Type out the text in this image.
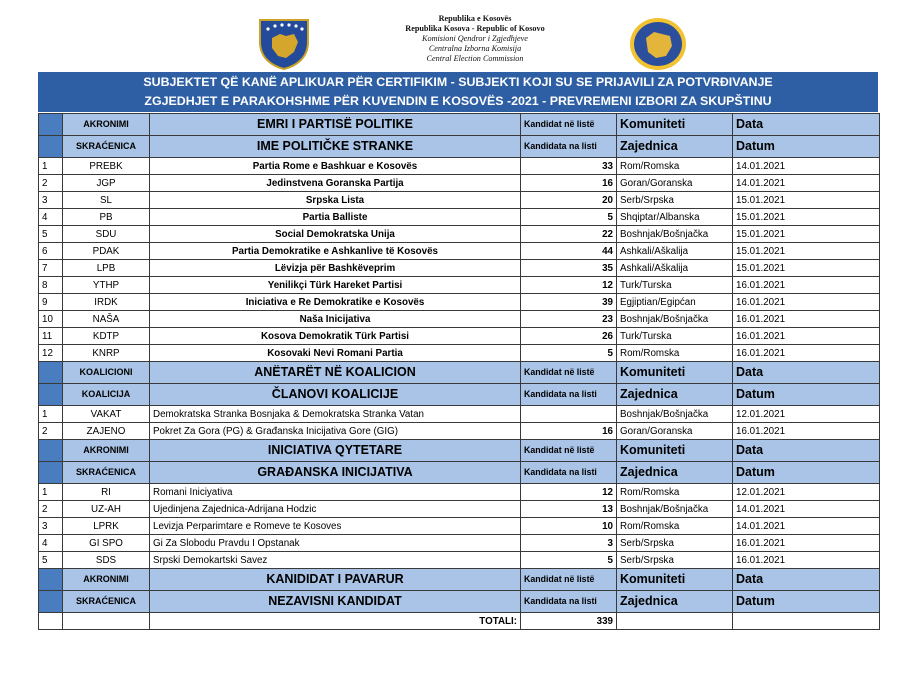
Republika e Kosovës
Republika Kosova - Republic of Kosovo
Komisioni Qendror i Zgjedhjeve
Centralna Izborna Komisija
Central Election Commission
SUBJEKTET QË KANË APLIKUAR PËR CERTIFIKIM - SUBJEKTI KOJI SU SE PRIJAVILI ZA POTVRĐIVANJE
ZGJEDHJET E PARAKOHSHME PËR KUVENDIN E KOSOVËS -2021 - PREVREMENI IZBORI ZA SKUPŠTINU
	AKRONIMI	EMRI I PARTISË POLITIKE	Kandidat në listë	Komuniteti	Data
	SKRAĆENICA	IME POLITIČKE STRANKE	Kandidata na listi	Zajednica	Datum
1	PREBK	Partia Rome e Bashkuar e Kosovës	33	Rom/Romska	14.01.2021
2	JGP	Jedinstvena Goranska Partija	16	Goran/Goranska	14.01.2021
3	SL	Srpska Lista	20	Serb/Srpska	15.01.2021
4	PB	Partia Balliste	5	Shqiptar/Albanska	15.01.2021
5	SDU	Social Demokratska Unija	22	Boshnjak/Bošnjačka	15.01.2021
6	PDAK	Partia Demokratike e Ashkanlive të Kosovës	44	Ashkali/Aškalija	15.01.2021
7	LPB	Lëvizja për Bashkëveprim	35	Ashkali/Aškalija	15.01.2021
8	YTHP	Yenilikçi Türk Hareket Partisi	12	Turk/Turska	16.01.2021
9	IRDK	Iniciativa e Re Demokratike e Kosovës	39	Egjiptian/Egipćan	16.01.2021
10	NAŠA	Naša Inicijativa	23	Boshnjak/Bošnjačka	16.01.2021
11	KDTP	Kosova Demokratik Türk Partisi	26	Turk/Turska	16.01.2021
12	KNRP	Kosovaki Nevi Romani Partia	5	Rom/Romska	16.01.2021
	KOALICIONI	ANËTARËT NË KOALICION	Kandidat në listë	Komuniteti	Data
	KOALICIJA	ČLANOVI KOALICIJE	Kandidata na listi	Zajednica	Datum
1	VAKAT	Demokratska Stranka Bosnjaka & Demokratska Stranka Vatan		Boshnjak/Bošnjačka	12.01.2021
2	ZAJENO	Pokret Za Gora (PG) & Građanska Inicijativa Gore (GIG)	16	Goran/Goranska	16.01.2021
	AKRONIMI	INICIATIVA QYTETARE	Kandidat në listë	Komuniteti	Data
	SKRAĆENICA	GRAĐANSKA INICIJATIVA	Kandidata na listi	Zajednica	Datum
1	RI	Romani Iniciyativa	12	Rom/Romska	12.01.2021
2	UZ-AH	Ujedinjena Zajednica-Adrijana Hodzic	13	Boshnjak/Bošnjačka	14.01.2021
3	LPRK	Levizja Perparimtare e Romeve te Kosoves	10	Rom/Romska	14.01.2021
4	GI SPO	Gi Za Slobodu Pravdu I Opstanak	3	Serb/Srpska	16.01.2021
5	SDS	Srpski Demokartski Savez	5	Serb/Srpska	16.01.2021
	AKRONIMI	KANIDIDAT I PAVARUR	Kandidat në listë	Komuniteti	Data
	SKRAĆENICA	NEZAVISNI KANDIDAT	Kandidata na listi	Zajednica	Datum
		TOTALI:	339		
